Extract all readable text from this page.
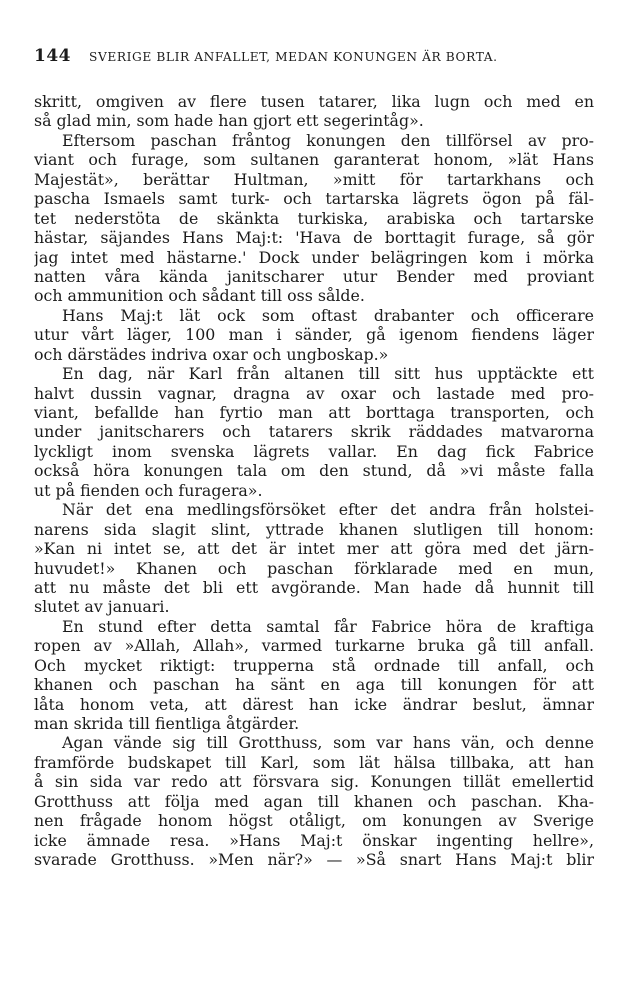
144 SVERIGE BLIR ANFALLET, MEDAN KONUNGEN ÄR BORTA.
skritt, omgiven av flere tusen tatarer, lika lugn och med en
så glad min, som hade han gjort ett segerintåg».
Eftersom paschan fråntog konungen den tillförsel av pro-
viant och furage, som sultanen garanterat honom, »lät Hans
Majestät», berättar Hultman, »mitt för tartarkhans och
pascha Ismaels samt turk- och tartarska lägrets ögon på fäl-
tet nederstöta de skänkta turkiska, arabiska och tartarske
hästar, säjandes Hans Maj:t: 'Hava de borttagit furage, så gör
jag intet med hästarne.' Dock under belägringen kom i mörka
natten våra kända janitscharer utur Bender med proviant
och ammunition och sådant till oss sålde.
Hans Maj:t lät ock som oftast drabanter och officerare
utur vårt läger, 100 man i sänder, gå igenom fiendens läger
och därstädes indriva oxar och ungboskap.»
En dag, när Karl från altanen till sitt hus upptäckte ett
halvt dussin vagnar, dragna av oxar och lastade med pro-
viant, befallde han fyrtio man att borttaga transporten, och
under janitscharers och tatarers skrik räddades matvarorna
lyckligt inom svenska lägrets vallar. En dag fick Fabrice
också höra konungen tala om den stund, då »vi måste falla
ut på fienden och furagera».
När det ena medlingsförsöket efter det andra från holstei-
narens sida slagit slint, yttrade khanen slutligen till honom:
»Kan ni intet se, att det är intet mer att göra med det järn-
huvudet!» Khanen och paschan förklarade med en mun,
att nu måste det bli ett avgörande. Man hade då hunnit till
slutet av januari.
En stund efter detta samtal får Fabrice höra de kraftiga
ropen av »Allah, Allah», varmed turkarne bruka gå till anfall.
Och mycket riktigt: trupperna stå ordnade till anfall, och
khanen och paschan ha sänt en aga till konungen för att
låta honom veta, att därest han icke ändrar beslut, ämnar
man skrida till fientliga åtgärder.
Agan vände sig till Grotthuss, som var hans vän, och denne
framförde budskapet till Karl, som lät hälsa tillbaka, att han
å sin sida var redo att försvara sig. Konungen tillät emellertid
Grotthuss att följa med agan till khanen och paschan. Kha-
nen frågade honom högst otåligt, om konungen av Sverige
icke ämnade resa. »Hans Maj:t önskar ingenting hellre»,
svarade Grotthuss. »Men när?» — »Så snart Hans Maj:t blir
